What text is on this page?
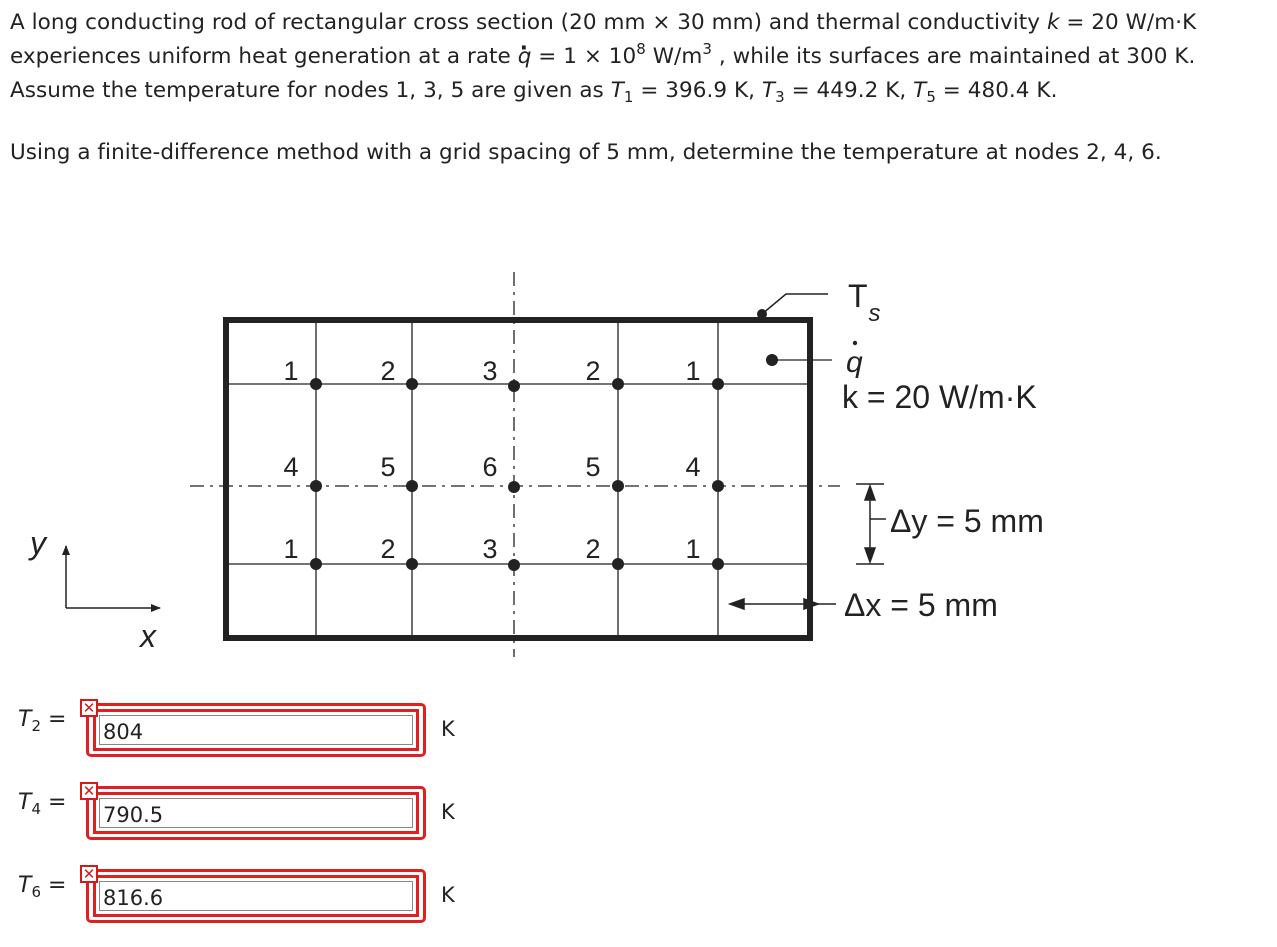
A long conducting rod of rectangular cross section (20 mm × 30 mm) and thermal conductivity k = 20 W/m·K experiences uniform heat generation at a rate · $q = 1 \times 10^8$ $W/m^3$ , while its surfaces are maintained at 300 K. Assume the temperature for nodes 1, 3, 5 are given as $T_1 = 396.9$ K, $T_3 = 449.2$ K, $T_5 = 480.4$ K.

Using a finite-difference method with a grid spacing of 5 mm, determine the temperature at nodes 2, 4, 6.

1	2	3	2	1
4	5	6	5	4
1	2	3	2	1
$T_s$
q
k = 20 W/m·K
Δy = 5 mm
Δx = 5 mm
y
x
$T_2$ = ✕
804
K
$T_4$ = ✕
790.5
K
$T_6$ = ✕
816.6
K
